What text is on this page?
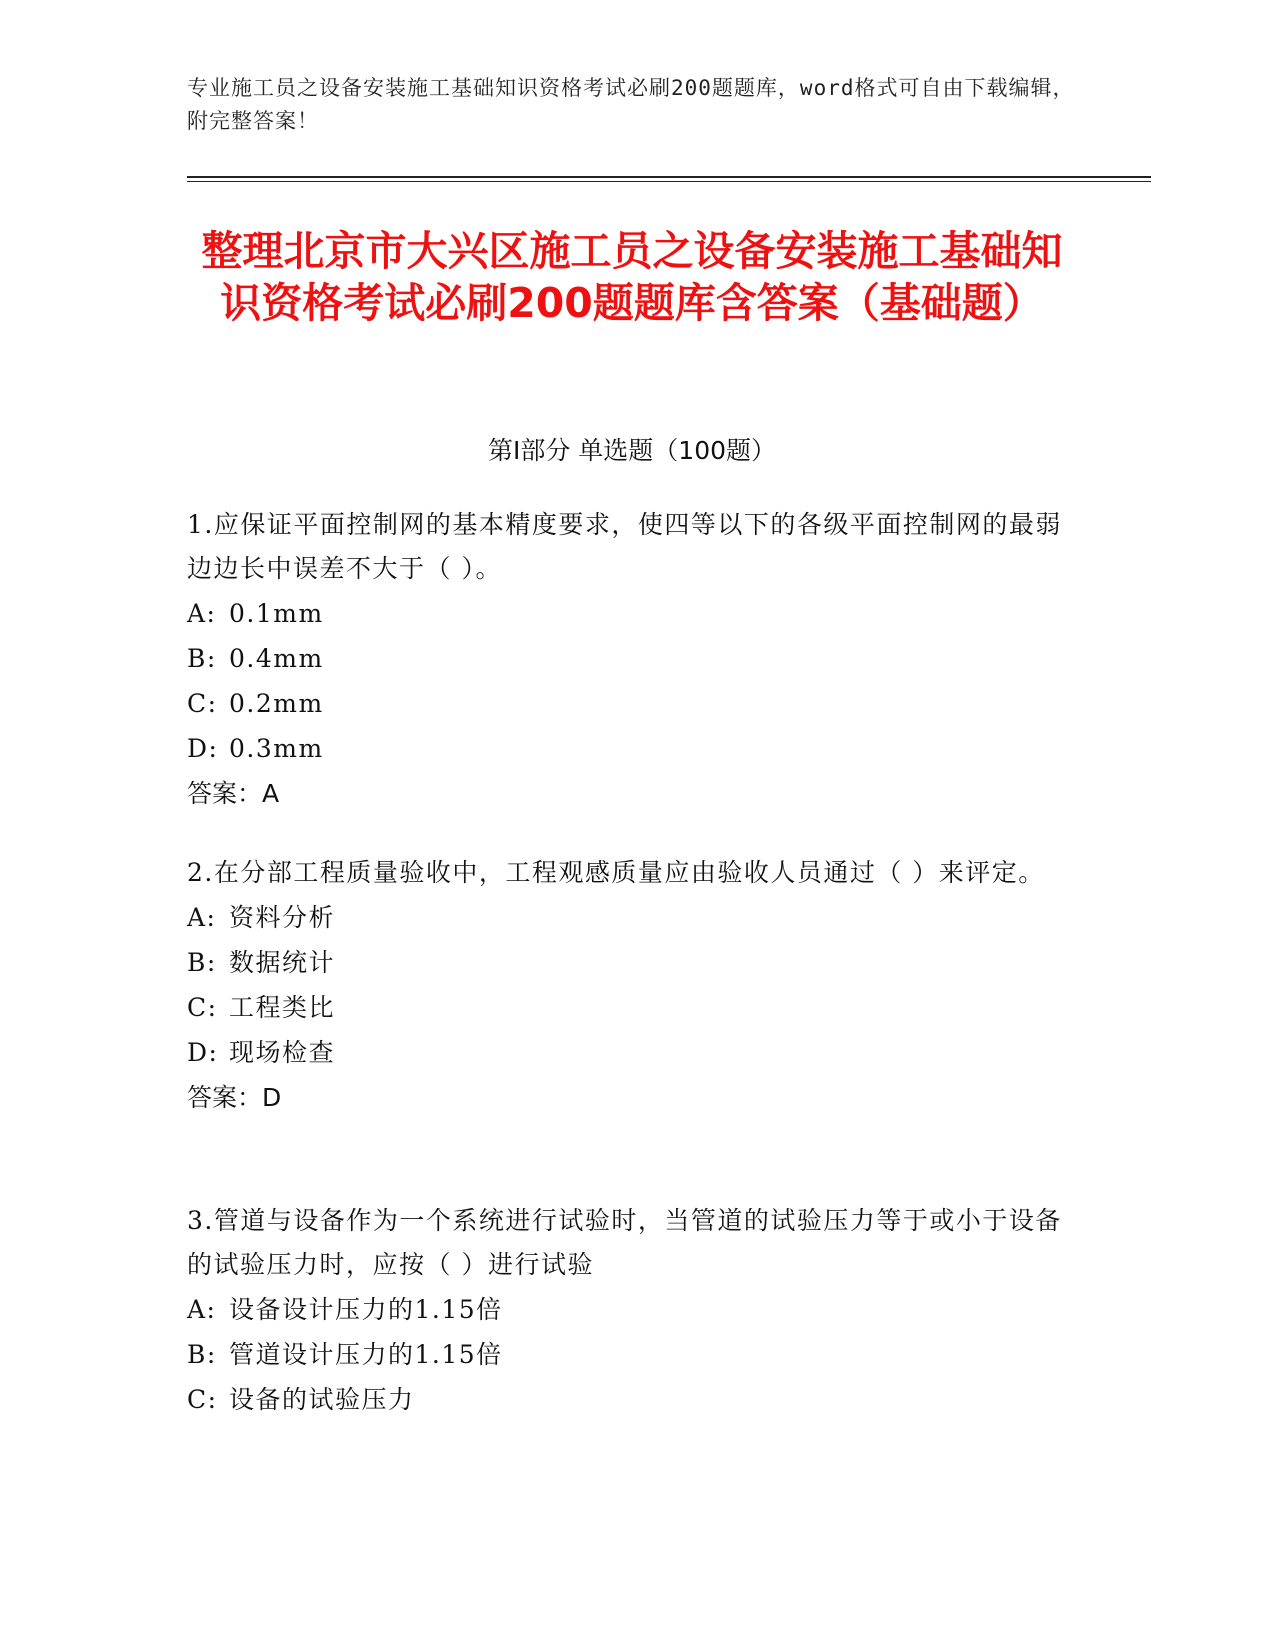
专业施工员之设备安装施工基础知识资格考试必刷200题题库，word格式可自由下载编辑，附完整答案！
整理北京市大兴区施工员之设备安装施工基础知识资格考试必刷200题题库含答案（基础题）
第I部分 单选题（100题）

1.应保证平面控制网的基本精度要求，使四等以下的各级平面控制网的最弱边边长中误差不大于（ ）。

A: 0.1mm
B: 0.4mm
C: 0.2mm
D: 0.3mm
答案：A

2.在分部工程质量验收中，工程观感质量应由验收人员通过（ ）来评定。

A: 资料分析
B: 数据统计
C: 工程类比
D: 现场检查
答案：D

3.管道与设备作为一个系统进行试验时，当管道的试验压力等于或小于设备的试验压力时，应按（ ）进行试验

A: 设备设计压力的1.15倍
B: 管道设计压力的1.15倍
C: 设备的试验压力
